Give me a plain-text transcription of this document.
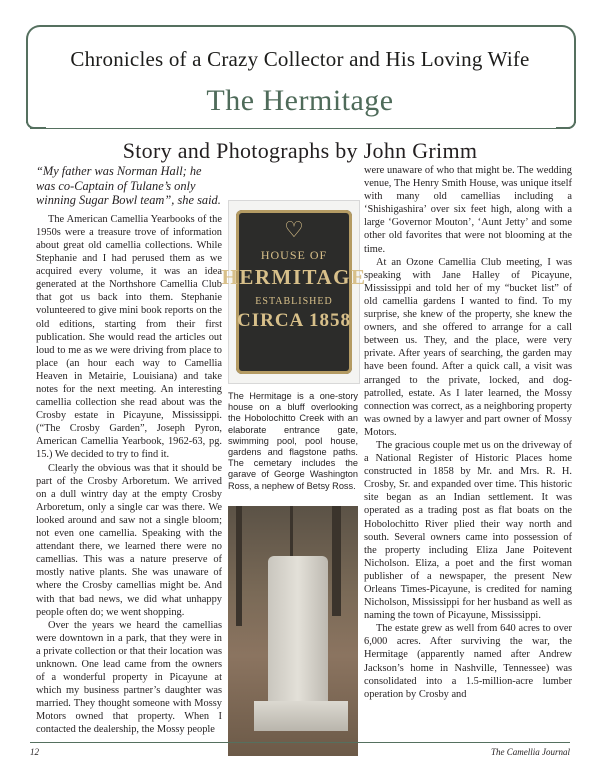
Chronicles of a Crazy Collector and His Loving Wife
The Hermitage
Story and Photographs by John Grimm

“My father was Norman Hall; he was co-Captain of Tulane’s only winning Sugar Bowl team”, she said.

The American Camellia Yearbooks of the 1950s were a treasure trove of information about great old camellia collections. While Stephanie and I had perused them as we acquired every volume, it was an idea generated at the Northshore Camellia Club that got us back into them. Stephanie volunteered to give mini book reports on the old editions, starting from their first publication. She would read the articles out loud to me as we were driving from place to place (an hour each way to Camellia Heaven in Metairie, Louisiana) and take notes for the next meeting. An interesting camellia collection she read about was the Crosby estate in Picayune, Mississippi. (“The Crosby Garden”, Joseph Pyron, American Camellia Yearbook, 1962-63, pg. 15.) We decided to try to find it.

Clearly the obvious was that it should be part of the Crosby Arboretum. We arrived on a dull wintry day at the empty Crosby Arboretum, only a single car was there. We looked around and saw not a single bloom; not even one camellia. Speaking with the attendant there, we learned there were no camellias. This was a nature preserve of mostly native plants. She was unaware of where the Crosby camellias might be. And with that bad news, we did what unhappy people often do; we went shopping.

Over the years we heard the camellias were downtown in a park, that they were in a private collection or that their location was unknown. One lead came from the owners of a wonderful property in Picayune at which my business partner’s daughter was married. They thought someone with Mossy Motors owned that property. When I contacted the dealership, the Mossy people

♡
HOUSE OF
HERMITAGE
ESTABLISHED
CIRCA 1858
The Hermitage is a one-story house on a bluff overlooking the Hobolochitto Creek with an elaborate entrance gate, swimming pool, pool house, gardens and flagstone paths. The cemetary includes the garave of George Washington Ross, a nephew of Betsy Ross.

were unaware of who that might be. The wedding venue, The Henry Smith House, was unique itself with many old camellias including a ‘Shishigashira’ over six feet high, along with a large ‘Governor Mouton’, ‘Aunt Jetty’ and some other old favorites that were not blooming at the time.

At an Ozone Camellia Club meeting, I was speaking with Jane Halley of Picayune, Mississippi and told her of my “bucket list” of old camellia gardens I wanted to find. To my surprise, she knew of the property, she knew the owners, and she offered to arrange for a call between us. They, and the place, were very private. After years of searching, the garden may have been found. After a quick call, a visit was arranged to the private, locked, and dog-patrolled, estate. As I later learned, the Mossy connection was correct, as a neighboring property was owned by a lawyer and part owner of Mossy Motors.

The gracious couple met us on the driveway of a National Register of Historic Places home constructed in 1858 by Mr. and Mrs. R. H. Crosby, Sr. and expanded over time. This historic site began as an Indian settlement. It was operated as a trading post as flat boats on the Hobolochitto River plied their way north and south. Several owners came into possession of the property including Eliza Jane Poitevent Nicholson. Eliza, a poet and the first woman publisher of a newspaper, the present New Orleans Times-Picayune, is credited for naming Nicholson, Mississippi for her husband as well as naming the town of Picayune, Mississippi.

The estate grew as well from 640 acres to over 6,000 acres. After surviving the war, the Hermitage (apparently named after Andrew Jackson’s home in Nashville, Tennessee) was consolidated into a 1.5-million-acre lumber operation by Crosby and

12	The Camellia Journal
